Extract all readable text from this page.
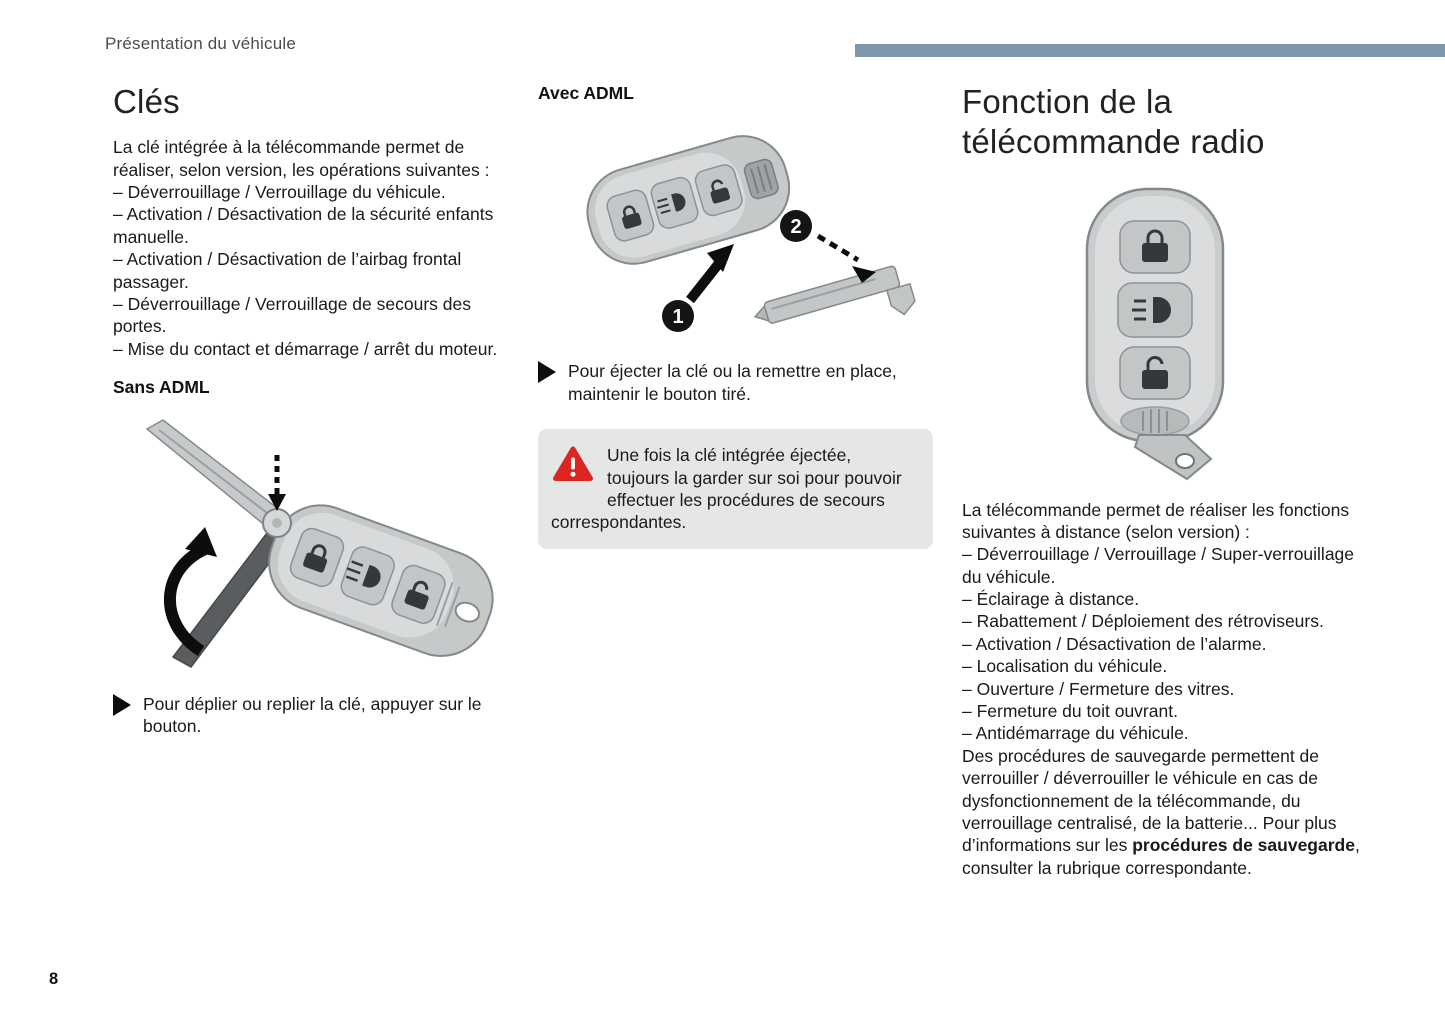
Présentation du véhicule
Clés

La clé intégrée à la télécommande permet de réaliser, selon version, les opérations suivantes :

– Déverrouillage / Verrouillage du véhicule.
– Activation / Désactivation de la sécurité enfants manuelle.
– Activation / Désactivation de l’airbag frontal passager.
– Déverrouillage / Verrouillage de secours des portes.
– Mise du contact et démarrage / arrêt du moteur.
Sans ADML
Pour déplier ou replier la clé, appuyer sur le bouton.
Avec ADML
1
2
Pour éjecter la clé ou la remettre en place, maintenir le bouton tiré.
Une fois la clé intégrée éjectée, toujours la garder sur soi pour pouvoir effectuer les procédures de secours correspondantes.
Fonction de la
télécommande radio

La télécommande permet de réaliser les fonctions suivantes à distance (selon version) :

– Déverrouillage / Verrouillage / Super-verrouillage du véhicule.
– Éclairage à distance.
– Rabattement / Déploiement des rétroviseurs.
– Activation / Désactivation de l’alarme.
– Localisation du véhicule.
– Ouverture / Fermeture des vitres.
– Fermeture du toit ouvrant.
– Antidémarrage du véhicule.

Des procédures de sauvegarde permettent de verrouiller / déverrouiller le véhicule en cas de dysfonctionnement de la télécommande, du verrouillage centralisé, de la batterie... Pour plus d’informations sur les procédures de sauvegarde, consulter la rubrique correspondante.

8
